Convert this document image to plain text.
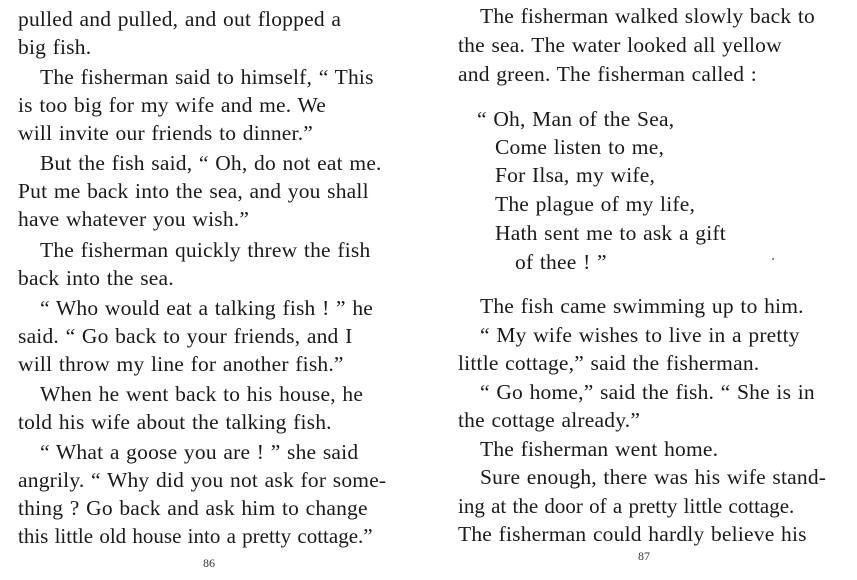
pulled and pulled, and out flopped a
big fish.
The fisherman said to himself, “ This
is too big for my wife and me. We
will invite our friends to dinner.”
But the fish said, “ Oh, do not eat me.
Put me back into the sea, and you shall
have whatever you wish.”
The fisherman quickly threw the fish
back into the sea.
“ Who would eat a talking fish ! ” he
said. “ Go back to your friends, and I
will throw my line for another fish.”
When he went back to his house, he
told his wife about the talking fish.
“ What a goose you are ! ” she said
angrily. “ Why did you not ask for some-
thing ? Go back and ask him to change
this little old house into a pretty cottage.”
86
The fisherman walked slowly back to
the sea. The water looked all yellow
and green. The fisherman called :
“ Oh, Man of the Sea,
Come listen to me,
For Ilsa, my wife,
The plague of my life,
Hath sent me to ask a gift
of thee ! ”
The fish came swimming up to him.
“ My wife wishes to live in a pretty
little cottage,” said the fisherman.
“ Go home,” said the fish. “ She is in
the cottage already.”
The fisherman went home.
Sure enough, there was his wife stand-
ing at the door of a pretty little cottage.
The fisherman could hardly believe his
87
